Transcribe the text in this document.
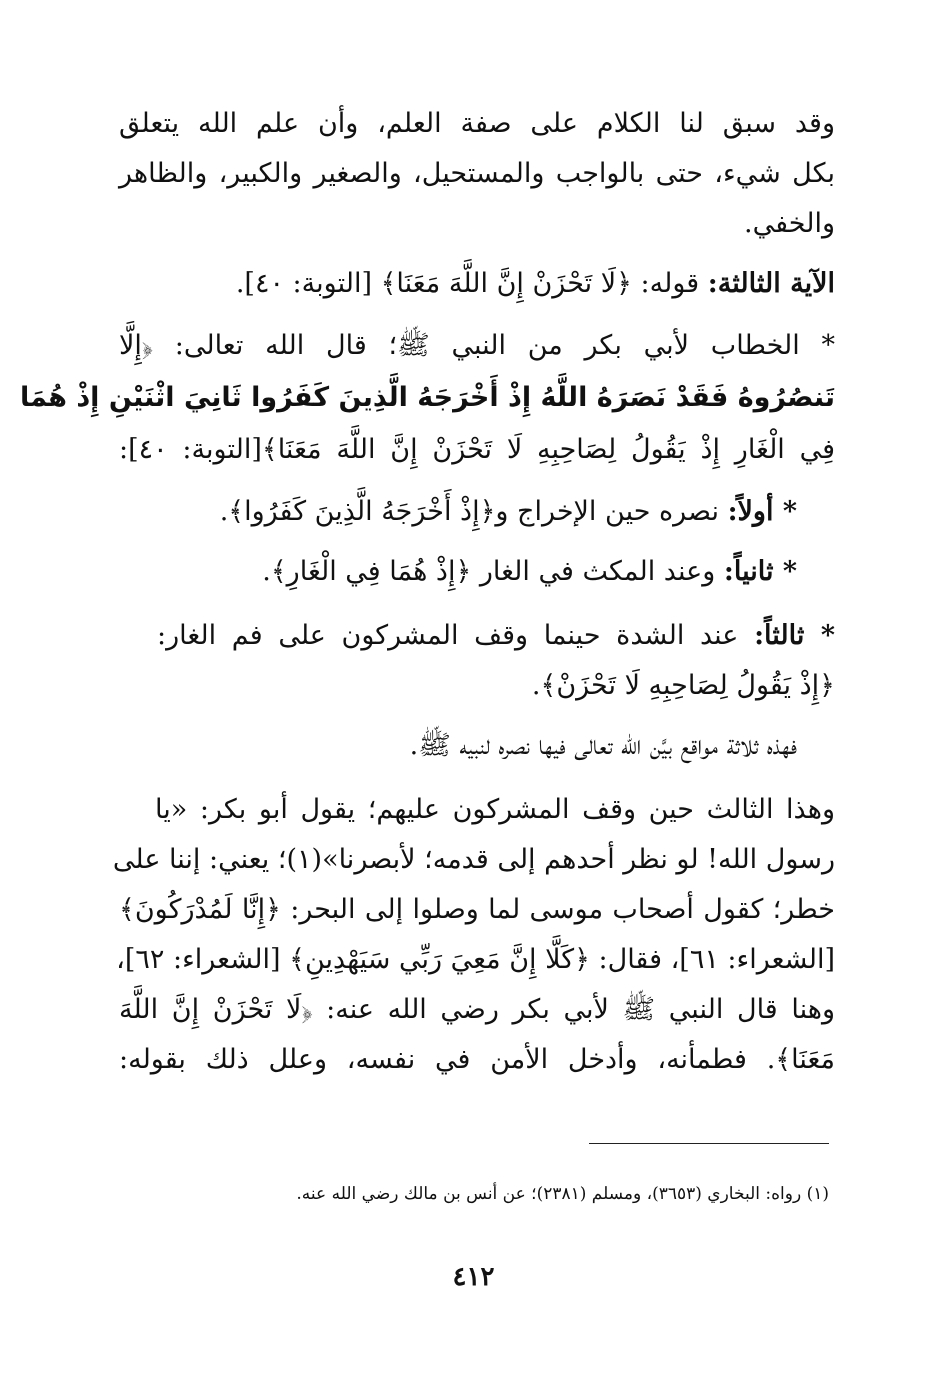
وقد سبق لنا الكلام على صفة العلم، وأن علم الله يتعلق
بكل شيء، حتى بالواجب والمستحيل، والصغير والكبير، والظاهر
والخفي.
الآية الثالثة: قوله: ﴿لَا تَحْزَنْ إِنَّ اللَّهَ مَعَنَا﴾ [التوبة: ٤٠].
* الخطاب لأبي بكر من النبي ﷺ؛ قال الله تعالى: ﴿إِلَّا
تَنصُرُوهُ فَقَدْ نَصَرَهُ اللَّهُ إِذْ أَخْرَجَهُ الَّذِينَ كَفَرُوا ثَانِيَ اثْنَيْنِ إِذْ هُمَا
فِي الْغَارِ إِذْ يَقُولُ لِصَاحِبِهِ لَا تَحْزَنْ إِنَّ اللَّهَ مَعَنَا﴾[التوبة: ٤٠]:
* أولاً: نصره حين الإخراج و﴿إِذْ أَخْرَجَهُ الَّذِينَ كَفَرُوا﴾.
* ثانياً: وعند المكث في الغار ﴿إِذْ هُمَا فِي الْغَارِ﴾.
* ثالثاً: عند الشدة حينما وقف المشركون على فم الغار:
﴿إِذْ يَقُولُ لِصَاحِبِهِ لَا تَحْزَنْ﴾.
فهذه ثلاثة مواقع بيَّن الله تعالى فيها نصره لنبيه ﷺ.
وهذا الثالث حين وقف المشركون عليهم؛ يقول أبو بكر: «يا
رسول الله! لو نظر أحدهم إلى قدمه؛ لأبصرنا»(١)؛ يعني: إننا على
خطر؛ كقول أصحاب موسى لما وصلوا إلى البحر: ﴿إِنَّا لَمُدْرَكُونَ﴾
[الشعراء: ٦١]، فقال: ﴿كَلَّا إِنَّ مَعِيَ رَبِّي سَيَهْدِينِ﴾ [الشعراء: ٦٢]،
وهنا قال النبي ﷺ لأبي بكر رضي الله عنه: ﴿لَا تَحْزَنْ إِنَّ اللَّهَ
مَعَنَا﴾. فطمأنه، وأدخل الأمن في نفسه، وعلل ذلك بقوله:
(١) رواه: البخاري (٣٦٥٣)، ومسلم (٢٣٨١)؛ عن أنس بن مالك رضي الله عنه.
٤١٢
